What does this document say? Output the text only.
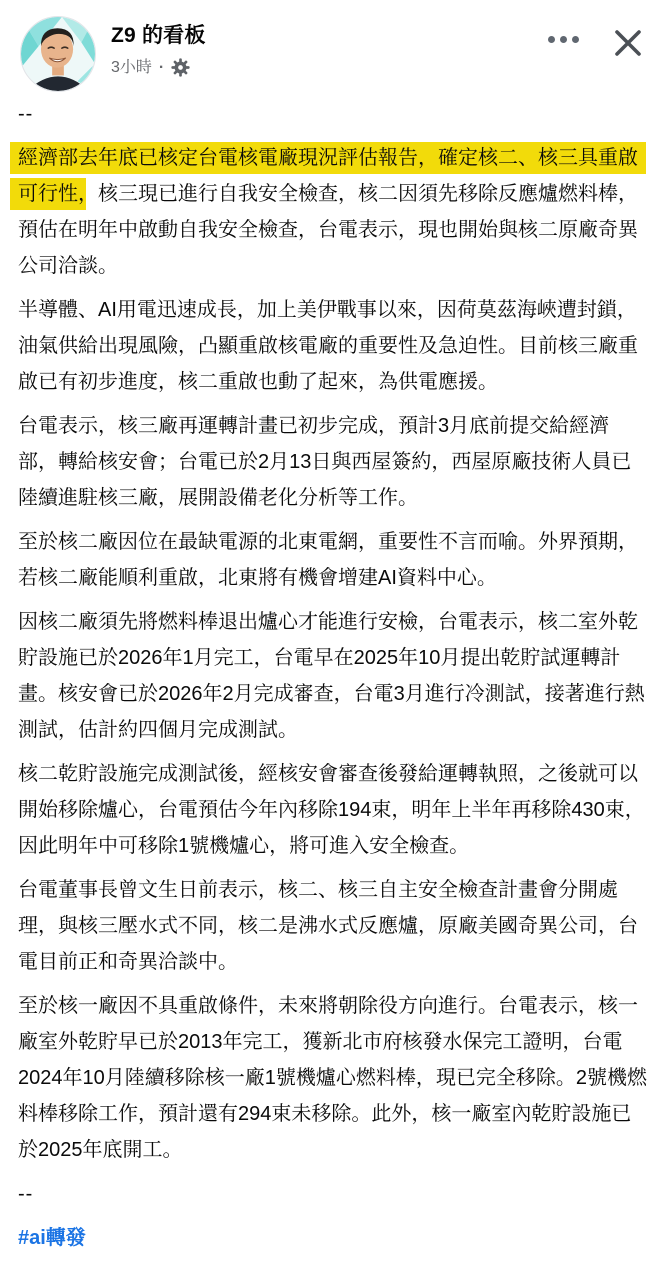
Z9 的看板
3小時 ·

--

經濟部去年底已核定台電核電廠現況評估報告，確定核二、核三具重啟可行性，核三現已進行自我安全檢查，核二因須先移除反應爐燃料棒，預估在明年中啟動自我安全檢查，台電表示，現也開始與核二原廠奇異公司洽談。

半導體、AI用電迅速成長，加上美伊戰事以來，因荷莫茲海峽遭封鎖，油氣供給出現風險，凸顯重啟核電廠的重要性及急迫性。目前核三廠重啟已有初步進度，核二重啟也動了起來，為供電應援。

台電表示，核三廠再運轉計畫已初步完成，預計3月底前提交給經濟部，轉給核安會；台電已於2月13日與西屋簽約，西屋原廠技術人員已陸續進駐核三廠，展開設備老化分析等工作。

至於核二廠因位在最缺電源的北東電網，重要性不言而喻。外界預期，若核二廠能順利重啟，北東將有機會增建AI資料中心。

因核二廠須先將燃料棒退出爐心才能進行安檢，台電表示，核二室外乾貯設施已於2026年1月完工，台電早在2025年10月提出乾貯試運轉計畫。核安會已於2026年2月完成審查，台電3月進行冷測試，接著進行熱測試，估計約四個月完成測試。

核二乾貯設施完成測試後，經核安會審查後發給運轉執照，之後就可以開始移除爐心，台電預估今年內移除194束，明年上半年再移除430束，因此明年中可移除1號機爐心，將可進入安全檢查。

台電董事長曾文生日前表示，核二、核三自主安全檢查計畫會分開處理，與核三壓水式不同，核二是沸水式反應爐，原廠美國奇異公司，台電目前正和奇異洽談中。

至於核一廠因不具重啟條件，未來將朝除役方向進行。台電表示，核一廠室外乾貯早已於2013年完工，獲新北市府核發水保完工證明，台電2024年10月陸續移除核一廠1號機爐心燃料棒，現已完全移除。2號機燃料棒移除工作，預計還有294束未移除。此外，核一廠室內乾貯設施已於2025年底開工。

--

#ai轉發
